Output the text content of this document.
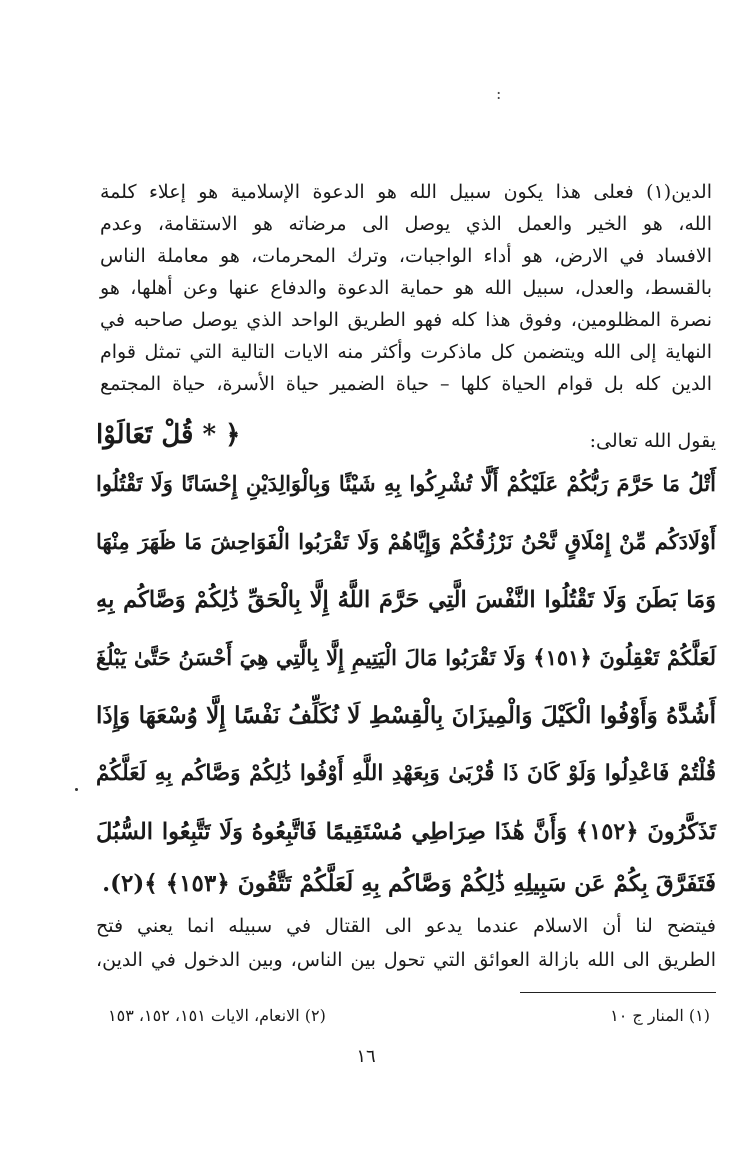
:
الدين(١) فعلى هذا يكون سبيل الله هو الدعوة الإسلامية هو إعلاء كلمة
الله، هو الخير والعمل الذي يوصل الى مرضاته هو الاستقامة، وعدم
الافساد في الارض، هو أداء الواجبات، وترك المحرمات، هو معاملة الناس
بالقسط، والعدل، سبيل الله هو حماية الدعوة والدفاع عنها وعن أهلها، هو
نصرة المظلومين، وفوق هذا كله فهو الطريق الواحد الذي يوصل صاحبه في
النهاية إلى الله ويتضمن كل ماذكرت وأكثر منه الايات التالية التي تمثل قوام
الدين كله بل قوام الحياة كلها – حياة الضمير حياة الأسرة، حياة المجتمع
يقول الله تعالى:
﴿ * قُلْ تَعَالَوْا
أَتْلُ مَا حَرَّمَ رَبُّكُمْ عَلَيْكُمْ أَلَّا تُشْرِكُوا بِهِ شَيْئًا وَبِالْوَالِدَيْنِ إِحْسَانًا وَلَا تَقْتُلُوا
أَوْلَادَكُم مِّنْ إِمْلَاقٍ نَّحْنُ نَرْزُقُكُمْ وَإِيَّاهُمْ وَلَا تَقْرَبُوا الْفَوَاحِشَ مَا ظَهَرَ مِنْهَا
وَمَا بَطَنَ وَلَا تَقْتُلُوا النَّفْسَ الَّتِي حَرَّمَ اللَّهُ إِلَّا بِالْحَقِّ ذَٰلِكُمْ وَصَّاكُم بِهِ
لَعَلَّكُمْ تَعْقِلُونَ ﴿١٥١﴾ وَلَا تَقْرَبُوا مَالَ الْيَتِيمِ إِلَّا بِالَّتِي هِيَ أَحْسَنُ حَتَّىٰ يَبْلُغَ
أَشُدَّهُ وَأَوْفُوا الْكَيْلَ وَالْمِيزَانَ بِالْقِسْطِ لَا نُكَلِّفُ نَفْسًا إِلَّا وُسْعَهَا وَإِذَا
قُلْتُمْ فَاعْدِلُوا وَلَوْ كَانَ ذَا قُرْبَىٰ وَبِعَهْدِ اللَّهِ أَوْفُوا ذَٰلِكُمْ وَصَّاكُم بِهِ لَعَلَّكُمْ
تَذَكَّرُونَ ﴿١٥٢﴾ وَأَنَّ هَٰذَا صِرَاطِي مُسْتَقِيمًا فَاتَّبِعُوهُ وَلَا تَتَّبِعُوا السُّبُلَ
فَتَفَرَّقَ بِكُمْ عَن سَبِيلِهِ ذَٰلِكُمْ وَصَّاكُم بِهِ لَعَلَّكُمْ تَتَّقُونَ ﴿١٥٣﴾ ﴾(٢).
فيتضح لنا أن الاسلام عندما يدعو الى القتال في سبيله انما يعني فتح
الطريق الى الله بازالة العوائق التي تحول بين الناس، وبين الدخول في الدين،
(١) المنار ج ١٠
(٢) الانعام، الايات ١٥١، ١٥٢، ١٥٣
١٦
